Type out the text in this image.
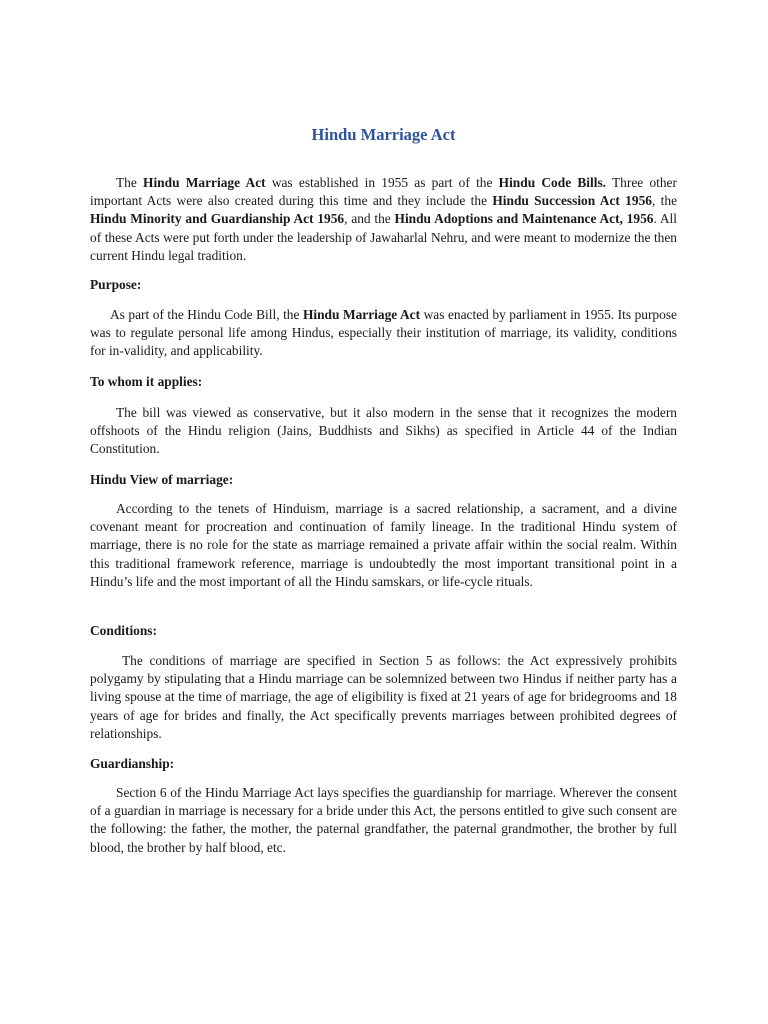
Hindu Marriage Act

The Hindu Marriage Act was established in 1955 as part of the Hindu Code Bills. Three other important Acts were also created during this time and they include the Hindu Succession Act 1956, the Hindu Minority and Guardianship Act 1956, and the Hindu Adoptions and Maintenance Act, 1956. All of these Acts were put forth under the leadership of Jawaharlal Nehru, and were meant to modernize the then current Hindu legal tradition.

Purpose:

As part of the Hindu Code Bill, the Hindu Marriage Act was enacted by parliament in 1955. Its purpose was to regulate personal life among Hindus, especially their institution of marriage, its validity, conditions for in-validity, and applicability.

To whom it applies:

The bill was viewed as conservative, but it also modern in the sense that it recognizes the modern offshoots of the Hindu religion (Jains, Buddhists and Sikhs) as specified in Article 44 of the Indian Constitution.

Hindu View of marriage:

According to the tenets of Hinduism, marriage is a sacred relationship, a sacrament, and a divine covenant meant for procreation and continuation of family lineage. In the traditional Hindu system of marriage, there is no role for the state as marriage remained a private affair within the social realm. Within this traditional framework reference, marriage is undoubtedly the most important transitional point in a Hindu’s life and the most important of all the Hindu samskars, or life-cycle rituals.

Conditions:

The conditions of marriage are specified in Section 5 as follows: the Act expressively prohibits polygamy by stipulating that a Hindu marriage can be solemnized between two Hindus if neither party has a living spouse at the time of marriage, the age of eligibility is fixed at 21 years of age for bridegrooms and 18 years of age for brides and finally, the Act specifically prevents marriages between prohibited degrees of relationships.

Guardianship:

Section 6 of the Hindu Marriage Act lays specifies the guardianship for marriage. Wherever the consent of a guardian in marriage is necessary for a bride under this Act, the persons entitled to give such consent are the following: the father, the mother, the paternal grandfather, the paternal grandmother, the brother by full blood, the brother by half blood, etc.
